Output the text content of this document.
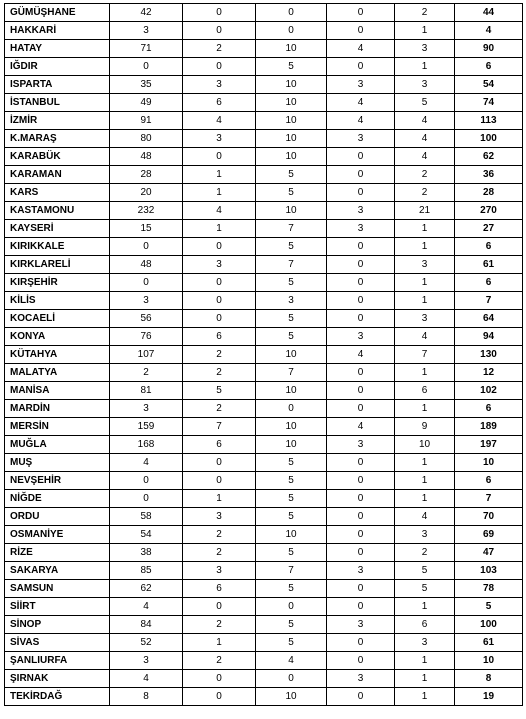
GÜMÜŞHANE	42	0	0	0	2	44
HAKKARİ	3	0	0	0	1	4
HATAY	71	2	10	4	3	90
IĞDIR	0	0	5	0	1	6
ISPARTA	35	3	10	3	3	54
İSTANBUL	49	6	10	4	5	74
İZMİR	91	4	10	4	4	113
K.MARAŞ	80	3	10	3	4	100
KARABÜK	48	0	10	0	4	62
KARAMAN	28	1	5	0	2	36
KARS	20	1	5	0	2	28
KASTAMONU	232	4	10	3	21	270
KAYSERİ	15	1	7	3	1	27
KIRIKKALE	0	0	5	0	1	6
KIRKLARELİ	48	3	7	0	3	61
KIRŞEHİR	0	0	5	0	1	6
KİLİS	3	0	3	0	1	7
KOCAELİ	56	0	5	0	3	64
KONYA	76	6	5	3	4	94
KÜTAHYA	107	2	10	4	7	130
MALATYA	2	2	7	0	1	12
MANİSA	81	5	10	0	6	102
MARDİN	3	2	0	0	1	6
MERSİN	159	7	10	4	9	189
MUĞLA	168	6	10	3	10	197
MUŞ	4	0	5	0	1	10
NEVŞEHİR	0	0	5	0	1	6
NİĞDE	0	1	5	0	1	7
ORDU	58	3	5	0	4	70
OSMANİYE	54	2	10	0	3	69
RİZE	38	2	5	0	2	47
SAKARYA	85	3	7	3	5	103
SAMSUN	62	6	5	0	5	78
SİİRT	4	0	0	0	1	5
SİNOP	84	2	5	3	6	100
SİVAS	52	1	5	0	3	61
ŞANLIURFA	3	2	4	0	1	10
ŞIRNAK	4	0	0	3	1	8
TEKİRDAĞ	8	0	10	0	1	19
